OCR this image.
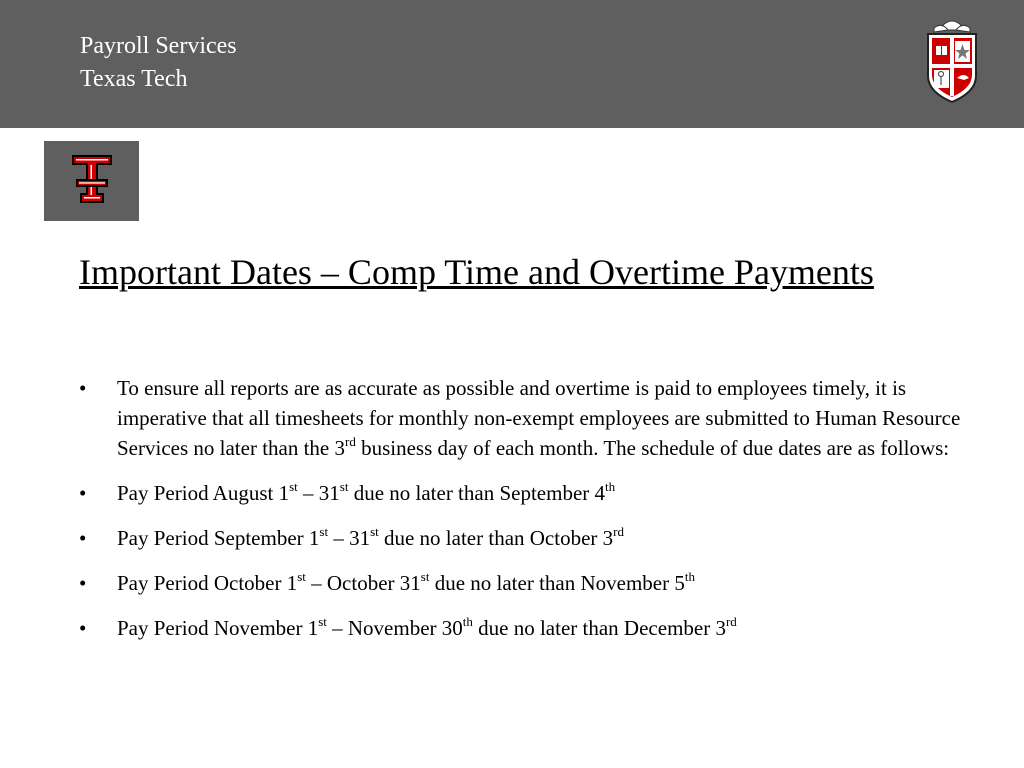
Payroll Services
Texas Tech
Important Dates – Comp Time and Overtime Payments
• To ensure all reports are as accurate as possible and overtime is paid to employees timely, it is imperative that all timesheets for monthly non-exempt employees are submitted to Human Resource Services no later than the 3rd business day of each month. The schedule of due dates are as follows:
• Pay Period August 1st – 31st due no later than September 4th
• Pay Period September 1st – 31st due no later than October 3rd
• Pay Period October 1st – October 31st due no later than November 5th
• Pay Period November 1st – November 30th due no later than December 3rd
